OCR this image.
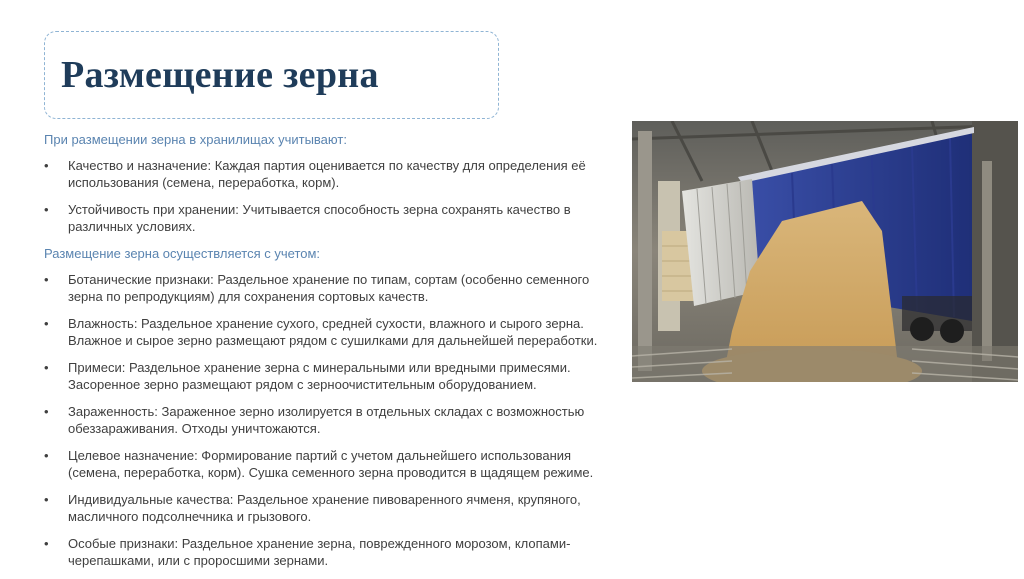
Размещение зерна
При размещении зерна в хранилищах учитывают:
• Качество и назначение: Каждая партия оценивается по качеству для определения её использования (семена, переработка, корм).
• Устойчивость при хранении: Учитывается способность зерна сохранять качество в различных условиях.
Размещение зерна осуществляется с учетом:
• Ботанические признаки: Раздельное хранение по типам, сортам (особенно семенного зерна по репродукциям) для сохранения сортовых качеств.
• Влажность: Раздельное хранение сухого, средней сухости, влажного и сырого зерна. Влажное и сырое зерно размещают рядом с сушилками для дальнейшей переработки.
• Примеси: Раздельное хранение зерна с минеральными или вредными примесями. Засоренное зерно размещают рядом с зерноочистительным оборудованием.
• Зараженность: Зараженное зерно изолируется в отдельных складах с возможностью обеззараживания. Отходы уничтожаются.
• Целевое назначение: Формирование партий с учетом дальнейшего использования (семена, переработка, корм). Сушка семенного зерна проводится в щадящем режиме.
• Индивидуальные качества: Раздельное хранение пивоваренного ячменя, крупяного, масличного подсолнечника и грызового.
• Особые признаки: Раздельное хранение зерна, поврежденного морозом, клопами-черепашками, или с проросшими зернами.
